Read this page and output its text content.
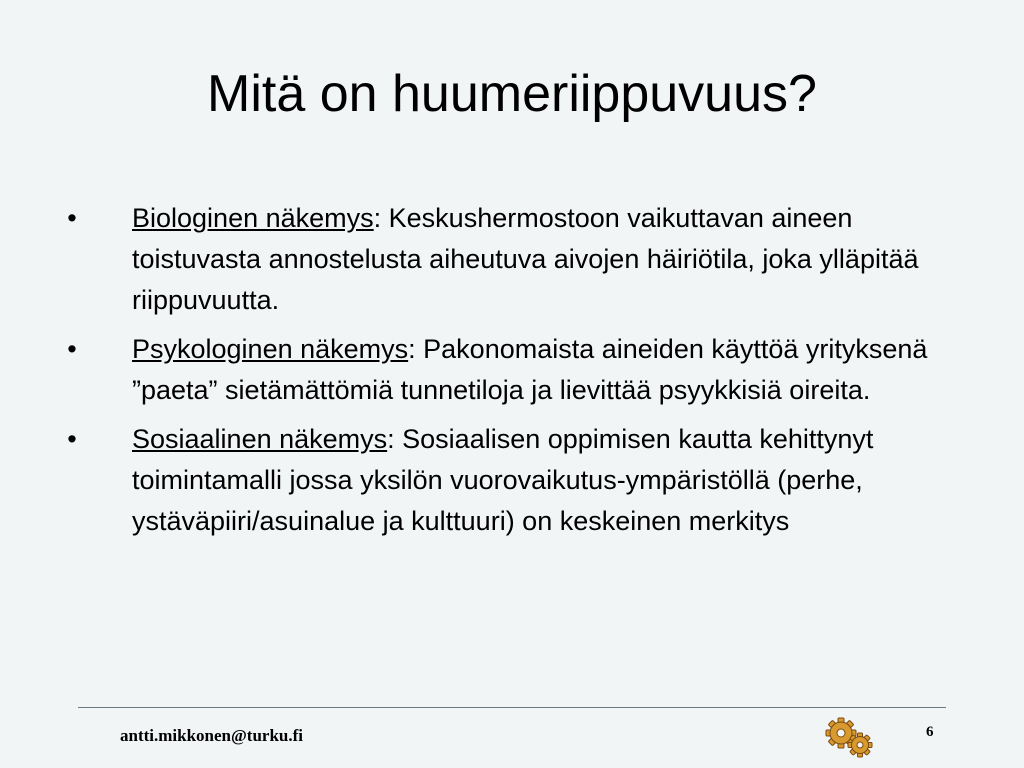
Mitä on huumeriippuvuus?
• Biologinen näkemys: Keskushermostoon vaikuttavan aineen toistuvasta annostelusta aiheutuva aivojen häiriötila, joka ylläpitää riippuvuutta.
• Psykologinen näkemys: Pakonomaista aineiden käyttöä yrityksenä ”paeta” sietämättömiä tunnetiloja ja lievittää psyykkisiä oireita.
• Sosiaalinen näkemys: Sosiaalisen oppimisen kautta kehittynyt toimintamalli jossa yksilön vuorovaikutus-ympäristöllä (perhe, ystäväpiiri/asuinalue ja kulttuuri) on keskeinen merkitys
antti.mikkonen@turku.fi	6
